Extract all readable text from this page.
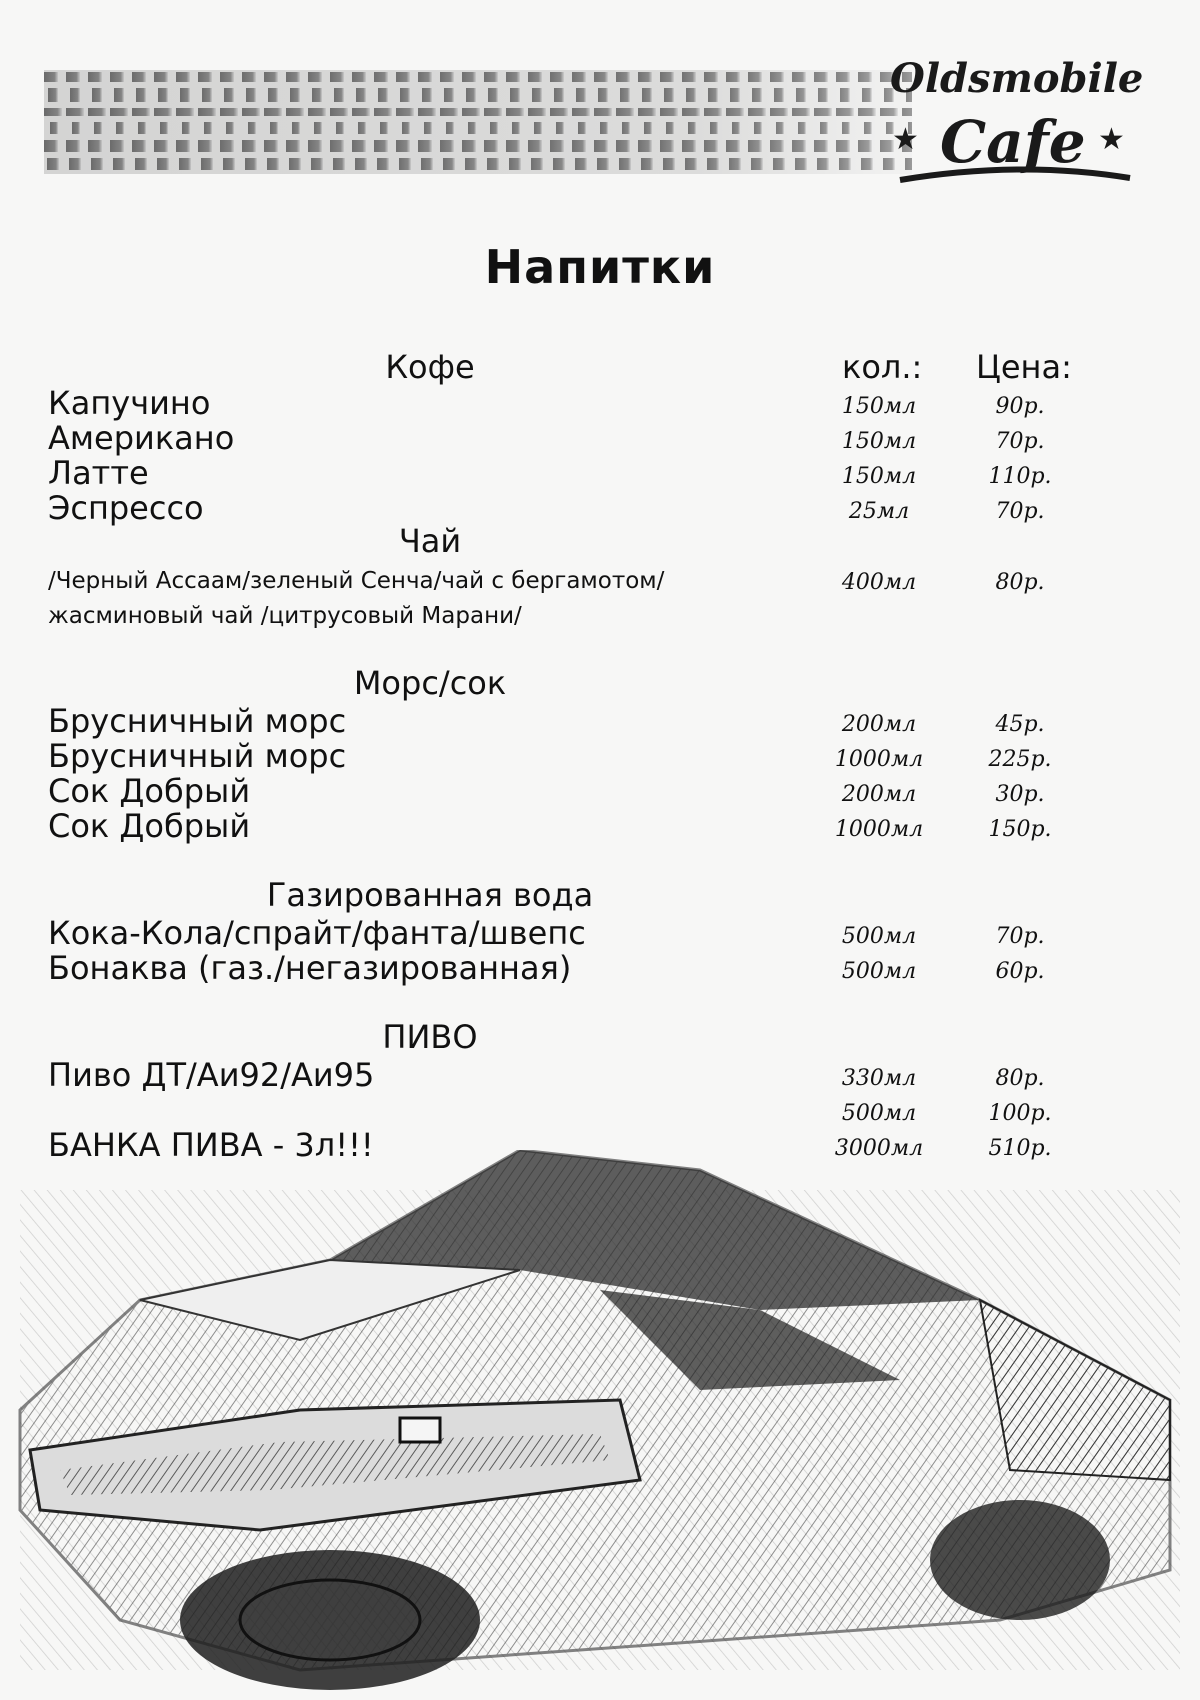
Oldsmobile
★ Cafe ★
Напитки
кол.: Цена:
Кофе
Капучино	150мл	90р.
Американо	150мл	70р.
Латте	150мл	110р.
Эспрессо	25мл	70р.
Чай
/Черный Ассаам/зеленый Сенча/чай с бергамотом/
жасминовый чай /цитрусовый Марани/
400мл	80р.
Морс/сок
Брусничный морс	200мл	45р.
Брусничный морс	1000мл	225р.
Сок Добрый	200мл	30р.
Сок Добрый	1000мл	150р.
Газированная вода
Кока-Кола/спрайт/фанта/швепс	500мл	70р.
Бонаква (газ./негазированная)	500мл	60р.
ПИВО
Пиво ДТ/Аи92/Аи95	330мл	80р.
500мл	100р.
БАНКА ПИВА - 3л!!!	3000мл	510р.
